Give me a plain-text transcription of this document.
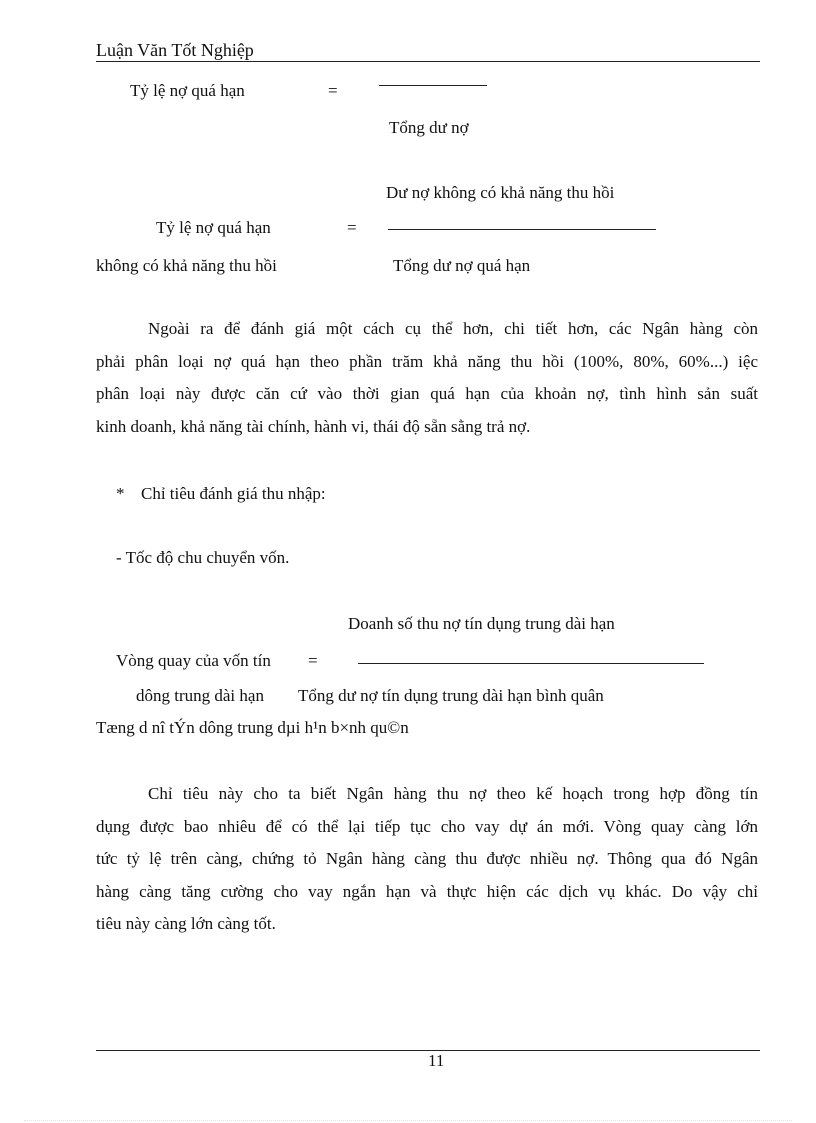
Luận Văn Tốt Nghiệp
Tỷ lệ nợ quá hạn	=
Tổng dư nợ
Dư nợ không có khả năng thu hồi
Tỷ lệ nợ quá hạn	=
không có khả năng thu hồi	Tổng dư nợ quá hạn
Ngoài ra để đánh giá một cách cụ thể hơn, chi tiết hơn, các Ngân hàng còn
phải phân loại nợ quá hạn theo phần trăm khả năng thu hồi (100%, 80%, 60%...) iệc
phân loại này được căn cứ vào thời gian quá hạn của khoản nợ, tình hình sản suất
kinh doanh, khả năng tài chính, hành vi, thái độ sẵn sằng trả nợ.
* Chỉ tiêu đánh giá thu nhập:
- Tốc độ chu chuyển vốn.
Doanh số thu nợ tín dụng trung dài hạn
Vòng quay của vốn tín =
dông trung dài hạn Tổng dư nợ tín dụng trung dài hạn bình quân
Tæng d nî tÝn dông trung dµi h¹n b×nh qu©n
Chỉ tiêu này cho ta biết Ngân hàng thu nợ theo kế hoạch trong hợp đồng tín
dụng được bao nhiêu để có thể lại tiếp tục cho vay dự án mới. Vòng quay càng lớn
tức tỷ lệ trên càng, chứng tỏ Ngân hàng càng thu được nhiều nợ. Thông qua đó Ngân
hàng càng tăng cường cho vay ngắn hạn và thực hiện các dịch vụ khác. Do vậy chỉ
tiêu này càng lớn càng tốt.
11
